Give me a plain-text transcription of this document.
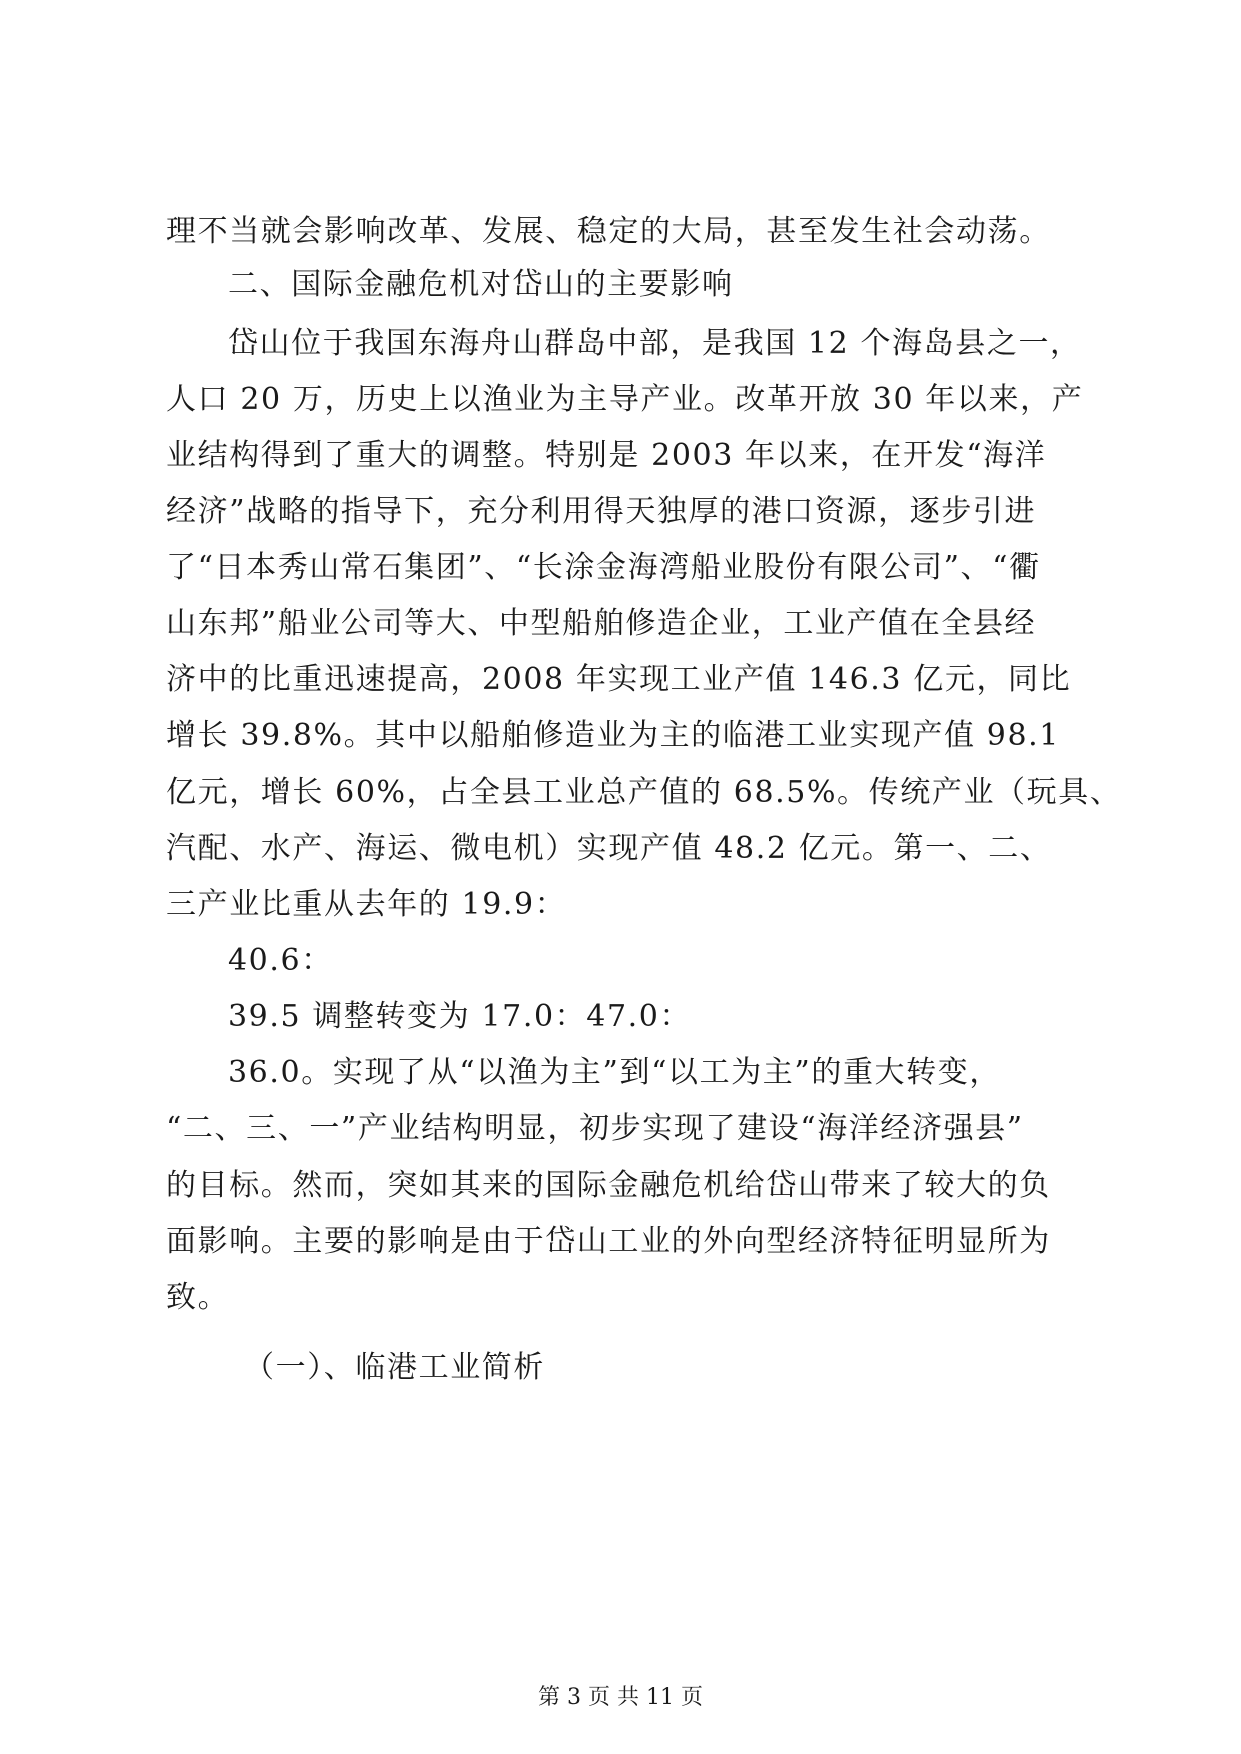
理不当就会影响改革、发展、稳定的大局，甚至发生社会动荡。
二、国际金融危机对岱山的主要影响
岱山位于我国东海舟山群岛中部，是我国 12 个海岛县之一，
人口 20 万，历史上以渔业为主导产业。改革开放 30 年以来，产
业结构得到了重大的调整。特别是 2003 年以来，在开发“海洋
经济”战略的指导下，充分利用得天独厚的港口资源，逐步引进
了“日本秀山常石集团”、“长涂金海湾船业股份有限公司”、“衢
山东邦”船业公司等大、中型船舶修造企业，工业产值在全县经
济中的比重迅速提高，2008 年实现工业产值 146.3 亿元，同比
增长 39.8%。其中以船舶修造业为主的临港工业实现产值 98.1
亿元，增长 60%，占全县工业总产值的 68.5%。传统产业（玩具、
汽配、水产、海运、微电机）实现产值 48.2 亿元。第一、二、
三产业比重从去年的 19.9：
40.6：
39.5 调整转变为 17.0：47.0：
36.0。实现了从“以渔为主”到“以工为主”的重大转变，
“二、三、一”产业结构明显，初步实现了建设“海洋经济强县”
的目标。然而，突如其来的国际金融危机给岱山带来了较大的负
面影响。主要的影响是由于岱山工业的外向型经济特征明显所为
致。
（一）、临港工业简析
第 3 页 共 11 页
